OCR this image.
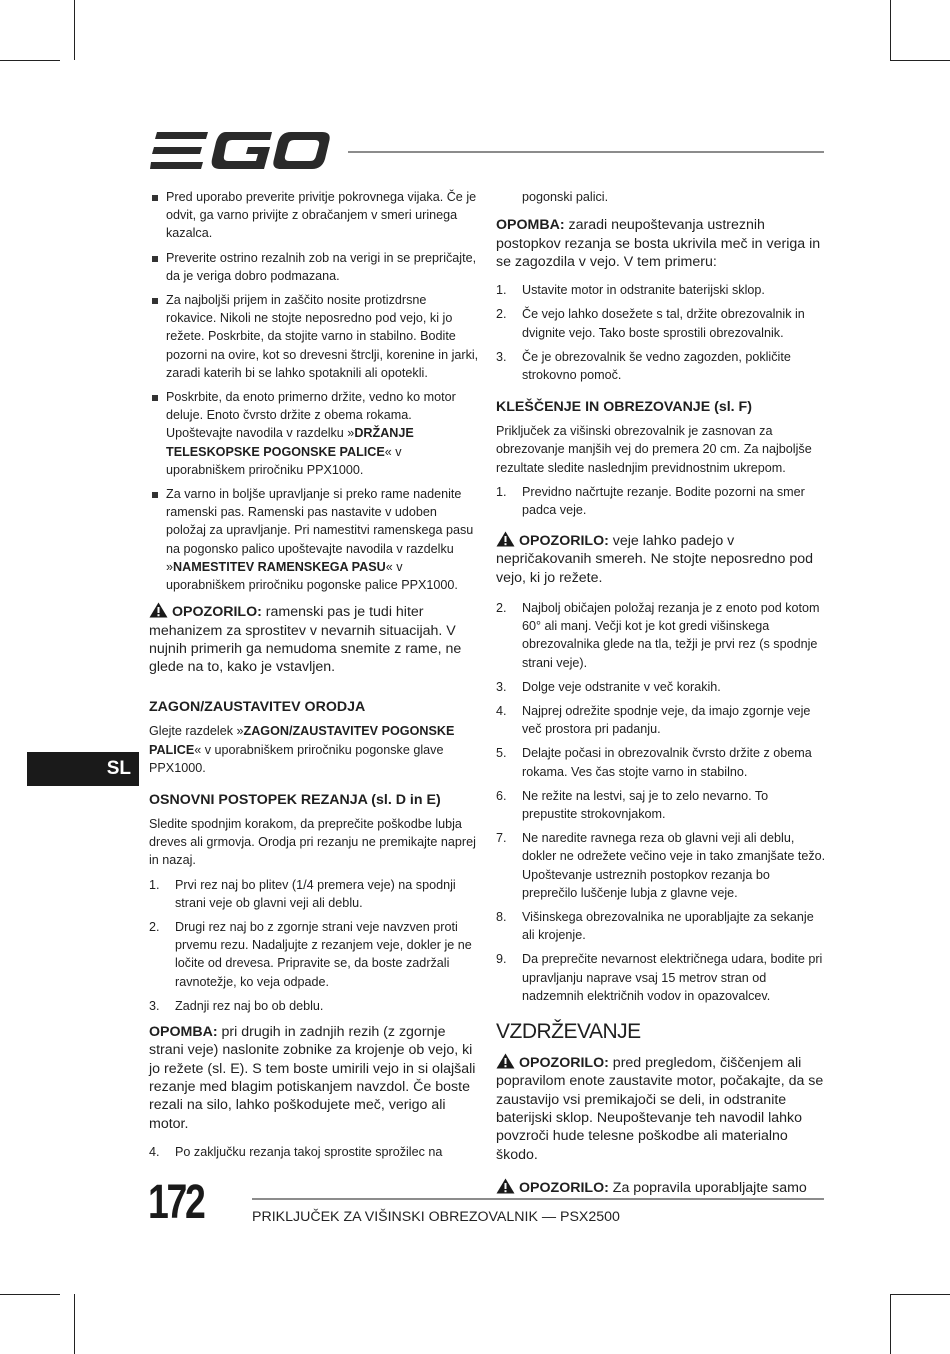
SL
Pred uporabo preverite privitje pokrovnega vijaka. Če je odvit, ga varno privijte z obračanjem v smeri urinega kazalca.
Preverite ostrino rezalnih zob na verigi in se prepričajte, da je veriga dobro podmazana.
Za najboljši prijem in zaščito nosite protizdrsne rokavice. Nikoli ne stojte neposredno pod vejo, ki jo režete. Poskrbite, da stojite varno in stabilno. Bodite pozorni na ovire, kot so drevesni štrclji, korenine in jarki, zaradi katerih bi se lahko spotaknili ali opotekli.
Poskrbite, da enoto primerno držite, vedno ko motor deluje. Enoto čvrsto držite z obema rokama. Upoštevajte navodila v razdelku »DRŽANJE TELESKOPSKE POGONSKE PALICE« v uporabniškem priročniku PPX1000.
Za varno in boljše upravljanje si preko rame nadenite ramenski pas. Ramenski pas nastavite v udoben položaj za upravljanje. Pri namestitvi ramenskega pasu na pogonsko palico upoštevajte navodila v razdelku »NAMESTITEV RAMENSKEGA PASU« v uporabniškem priročniku pogonske palice PPX1000.
OPOZORILO: ramenski pas je tudi hiter mehanizem za sprostitev v nevarnih situacijah. V nujnih primerih ga nemudoma snemite z rame, ne glede na to, kako je vstavljen.
ZAGON/ZAUSTAVITEV ORODJA
Glejte razdelek »ZAGON/ZAUSTAVITEV POGONSKE PALICE« v uporabniškem priročniku pogonske glave PPX1000.
OSNOVNI POSTOPEK REZANJA (sl. D in E)
Sledite spodnjim korakom, da preprečite poškodbe lubja dreves ali grmovja. Orodja pri rezanju ne premikajte naprej in nazaj.
1. Prvi rez naj bo plitev (1/4 premera veje) na spodnji strani veje ob glavni veji ali deblu.
2. Drugi rez naj bo z zgornje strani veje navzven proti prvemu rezu. Nadaljujte z rezanjem veje, dokler je ne ločite od drevesa. Pripravite se, da boste zadržali ravnotežje, ko veja odpade.
3. Zadnji rez naj bo ob deblu.
OPOMBA: pri drugih in zadnjih rezih (z zgornje strani veje) naslonite zobnike za krojenje ob vejo, ki jo režete (sl. E). S tem boste umirili vejo in si olajšali rezanje med blagim potiskanjem navzdol. Če boste rezali na silo, lahko poškodujete meč, verigo ali motor.
4. Po zaključku rezanja takoj sprostite sprožilec na
pogonski palici.
OPOMBA: zaradi neupoštevanja ustreznih postopkov rezanja se bosta ukrivila meč in veriga in se zagozdila v vejo. V tem primeru:
1. Ustavite motor in odstranite baterijski sklop.
2. Če vejo lahko dosežete s tal, držite obrezovalnik in dvignite vejo. Tako boste sprostili obrezovalnik.
3. Če je obrezovalnik še vedno zagozden, pokličite strokovno pomoč.
KLEŠČENJE IN OBREZOVANJE (sl. F)
Priključek za višinski obrezovalnik je zasnovan za obrezovanje manjših vej do premera 20 cm. Za najboljše rezultate sledite naslednjim previdnostnim ukrepom.
1. Previdno načrtujte rezanje. Bodite pozorni na smer padca veje.
OPOZORILO: veje lahko padejo v nepričakovanih smereh. Ne stojte neposredno pod vejo, ki jo režete.
2. Najbolj običajen položaj rezanja je z enoto pod kotom 60° ali manj. Večji kot je kot gredi višinskega obrezovalnika glede na tla, težji je prvi rez (s spodnje strani veje).
3. Dolge veje odstranite v več korakih.
4. Najprej odrežite spodnje veje, da imajo zgornje veje več prostora pri padanju.
5. Delajte počasi in obrezovalnik čvrsto držite z obema rokama. Ves čas stojte varno in stabilno.
6. Ne režite na lestvi, saj je to zelo nevarno. To prepustite strokovnjakom.
7. Ne naredite ravnega reza ob glavni veji ali deblu, dokler ne odrežete večino veje in tako zmanjšate težo. Upoštevanje ustreznih postopkov rezanja bo preprečilo luščenje lubja z glavne veje.
8. Višinskega obrezovalnika ne uporabljajte za sekanje ali krojenje.
9. Da preprečite nevarnost električnega udara, bodite pri upravljanju naprave vsaj 15 metrov stran od nadzemnih električnih vodov in opazovalcev.
VZDRŽEVANJE
OPOZORILO: pred pregledom, čiščenjem ali popravilom enote zaustavite motor, počakajte, da se zaustavijo vsi premikajoči se deli, in odstranite baterijski sklop. Neupoštevanje teh navodil lahko povzroči hude telesne poškodbe ali materialno škodo.
OPOZORILO: Za popravila uporabljajte samo
172	PRIKLJUČEK ZA VIŠINSKI OBREZOVALNIK — PSX2500
